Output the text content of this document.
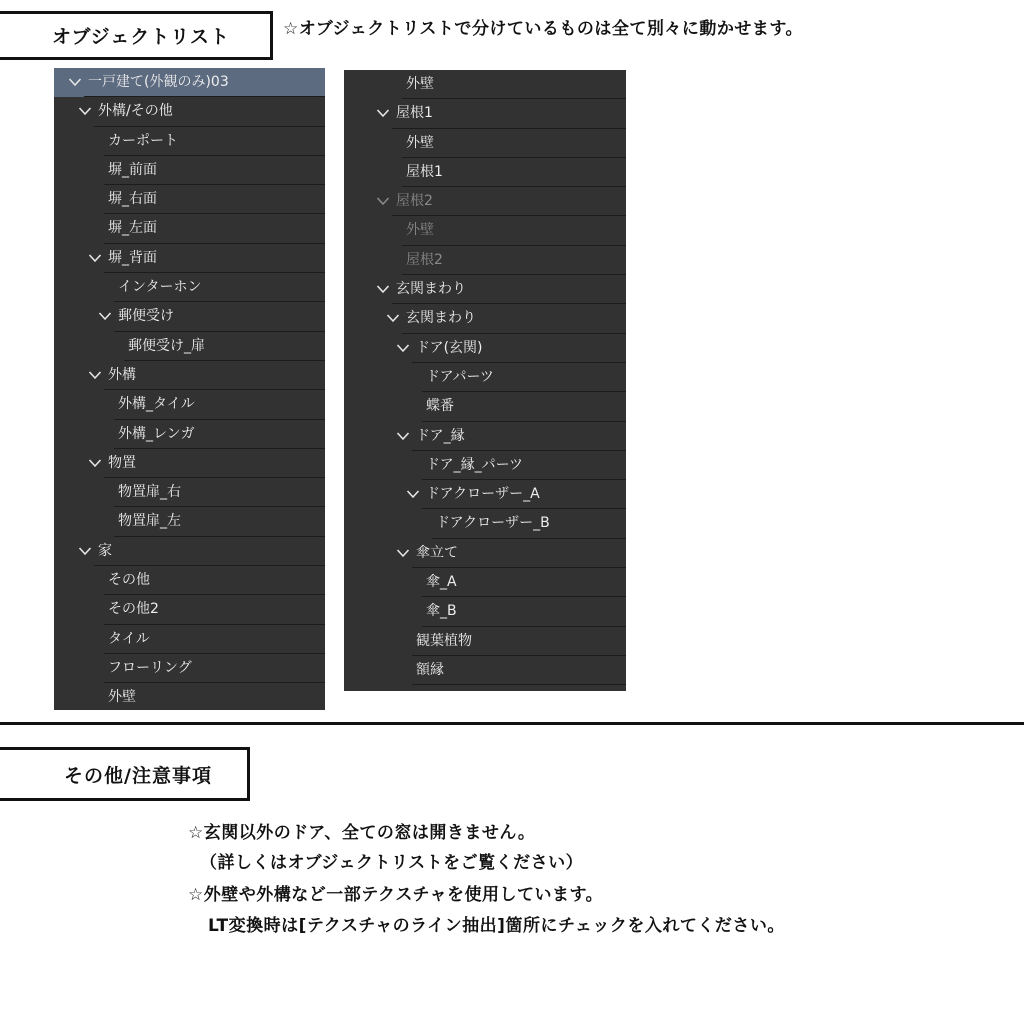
オブジェクトリスト	☆オブジェクトリストで分けているものは全て別々に動かせます。
一戸建て(外観のみ)03
外構/その他
カーポート
塀_前面
塀_右面
塀_左面
塀_背面
インターホン
郵便受け
郵便受け_扉
外構
外構_タイル
外構_レンガ
物置
物置扉_右
物置扉_左
家
その他
その他2
タイル
フローリング
外壁
外壁
屋根1
外壁
屋根1
屋根2
外壁
屋根2
玄関まわり
玄関まわり
ドア(玄関)
ドアパーツ
蝶番
ドア_縁
ドア_縁_パーツ
ドアクローザー_A
ドアクローザー_B
傘立て
傘_A
傘_B
観葉植物
額縁
その他/注意事項
☆玄関以外のドア、全ての窓は開きません。
（詳しくはオブジェクトリストをご覧ください）
☆外壁や外構など一部テクスチャを使用しています。
LT変換時は[テクスチャのライン抽出]箇所にチェックを入れてください。
